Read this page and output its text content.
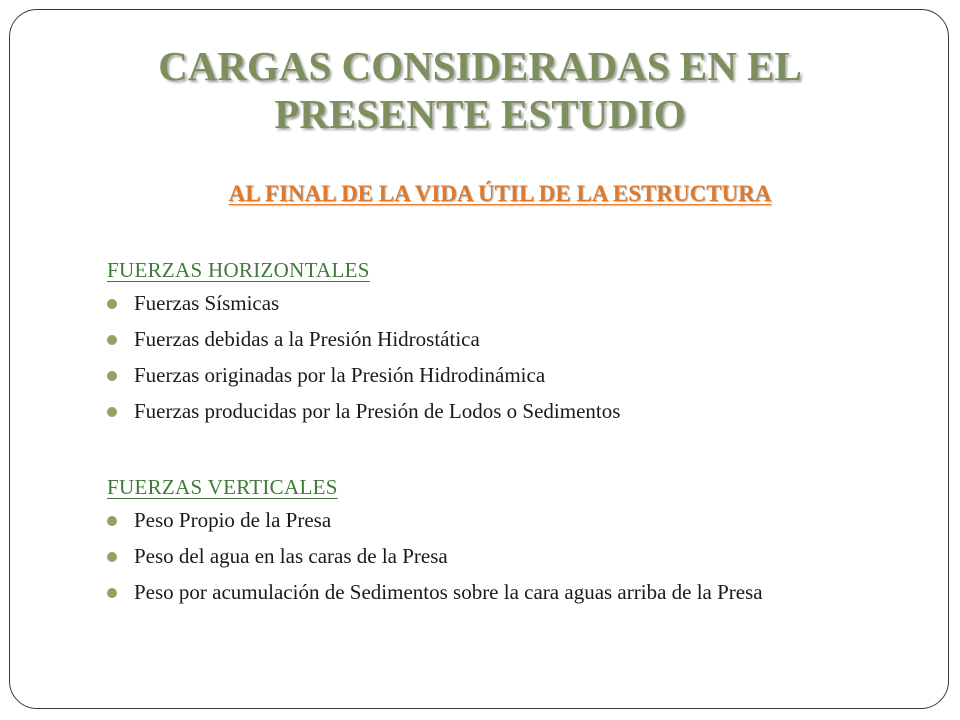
CARGAS CONSIDERADAS EN EL
PRESENTE ESTUDIO
AL FINAL DE LA VIDA ÚTIL DE LA ESTRUCTURA
FUERZAS HORIZONTALES
Fuerzas Sísmicas
Fuerzas debidas a la Presión Hidrostática
Fuerzas originadas por la Presión Hidrodinámica
Fuerzas producidas por la Presión de Lodos o Sedimentos
FUERZAS VERTICALES
Peso Propio de la Presa
Peso del agua en las caras de la Presa
Peso por acumulación de Sedimentos sobre la cara aguas arriba de la Presa
